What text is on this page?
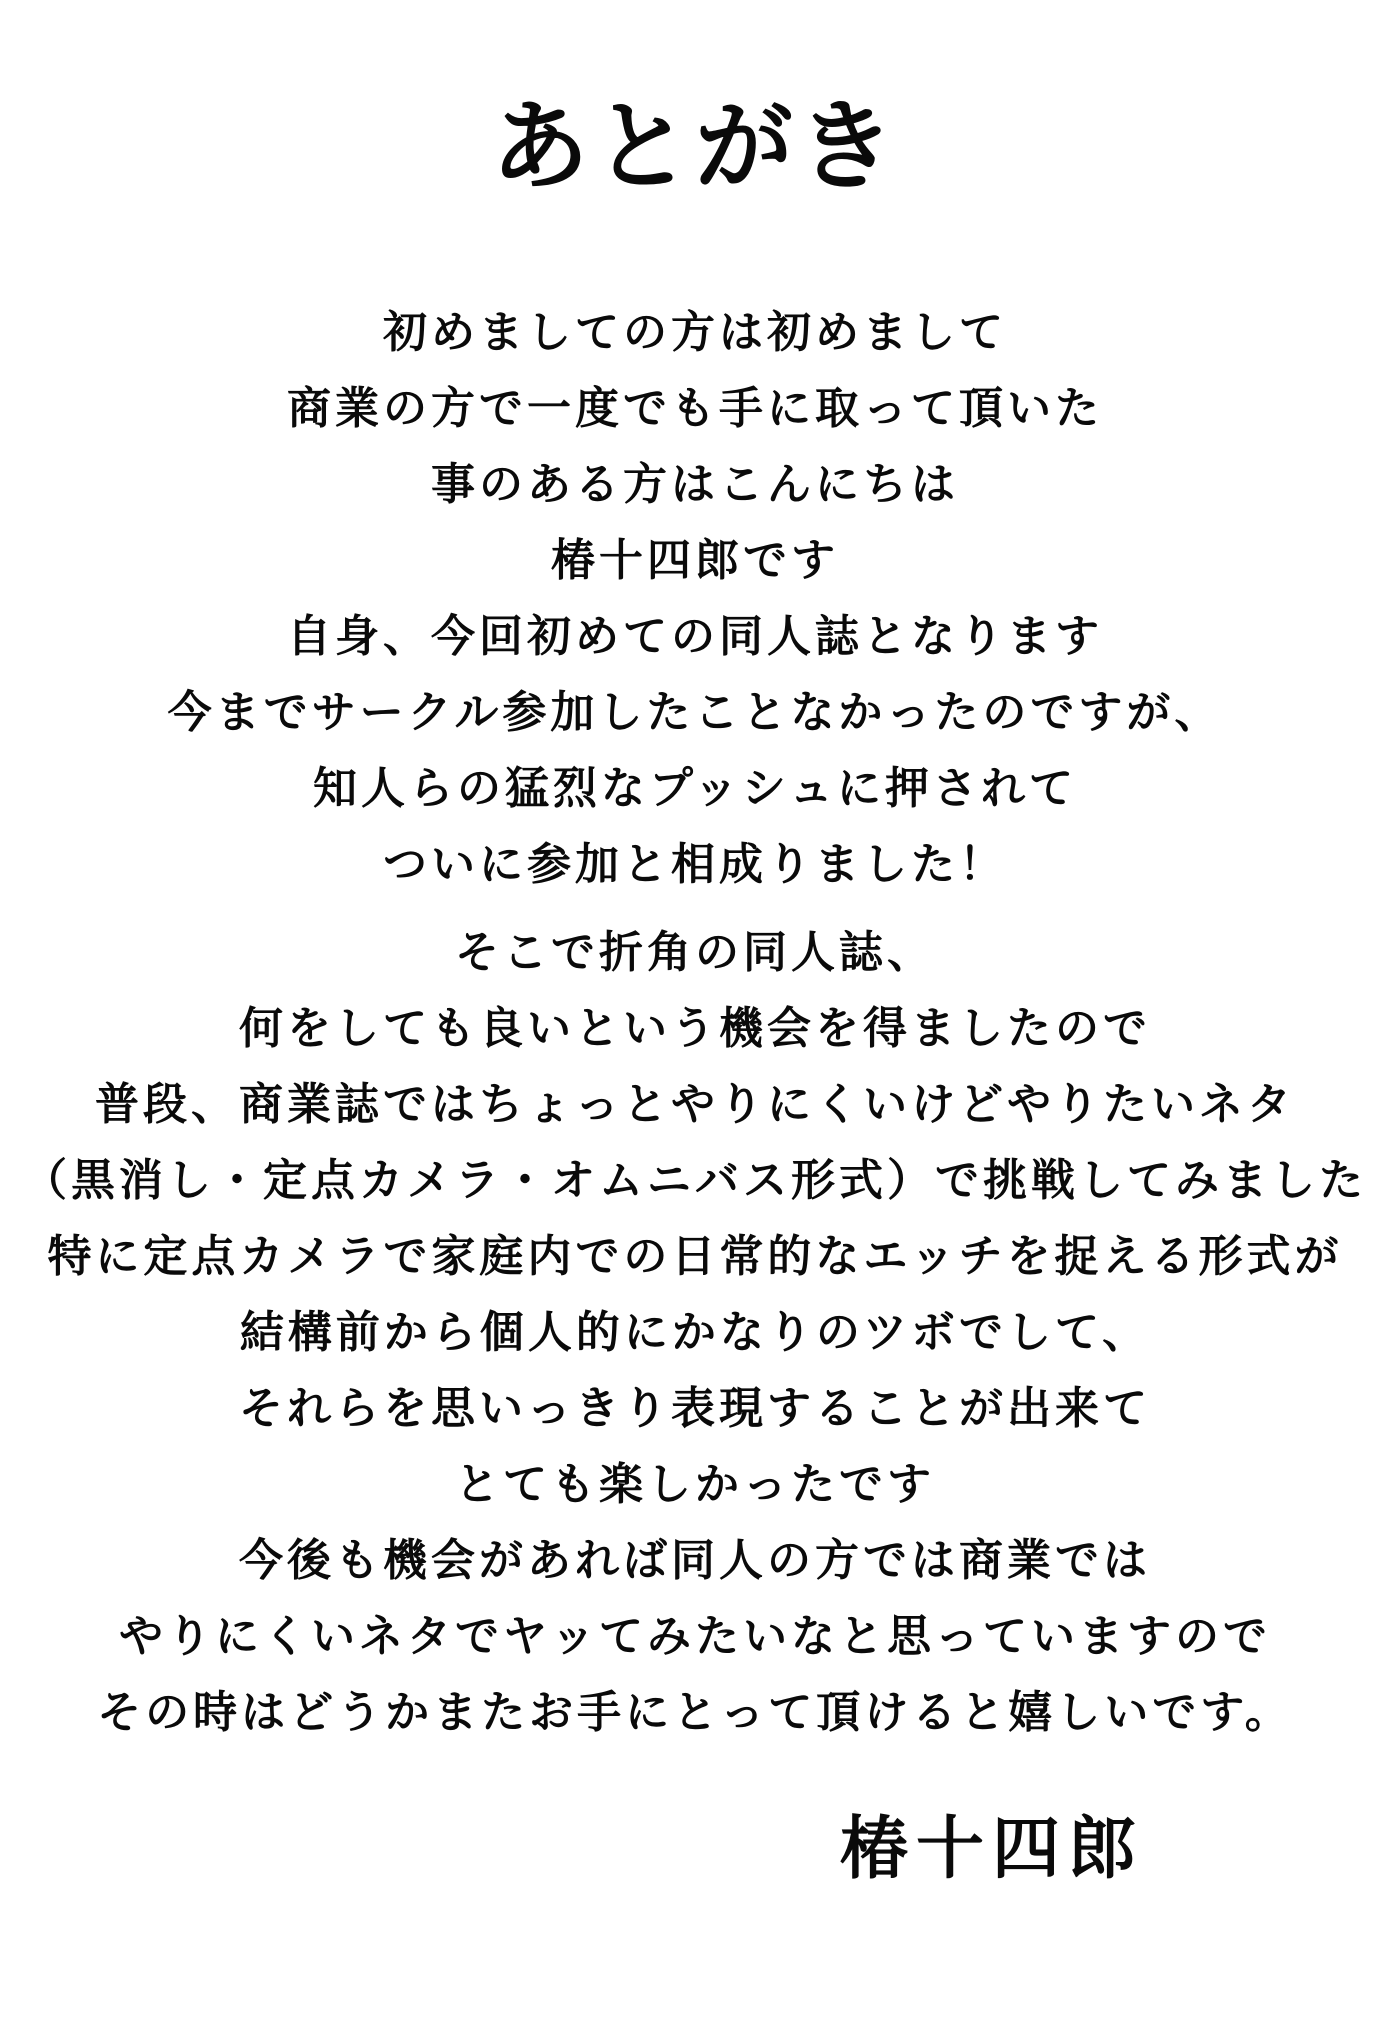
あとがき
初めましての方は初めまして
商業の方で一度でも手に取って頂いた
事のある方はこんにちは
椿十四郎です
自身、今回初めての同人誌となります
今までサークル参加したことなかったのですが、
知人らの猛烈なプッシュに押されて
ついに参加と相成りました！
そこで折角の同人誌、
何をしても良いという機会を得ましたので
普段、商業誌ではちょっとやりにくいけどやりたいネタ
（黒消し・定点カメラ・オムニバス形式）で挑戦してみました
特に定点カメラで家庭内での日常的なエッチを捉える形式が
結構前から個人的にかなりのツボでして、
それらを思いっきり表現することが出来て
とても楽しかったです
今後も機会があれば同人の方では商業では
やりにくいネタでヤッてみたいなと思っていますので
その時はどうかまたお手にとって頂けると嬉しいです。
椿十四郎
